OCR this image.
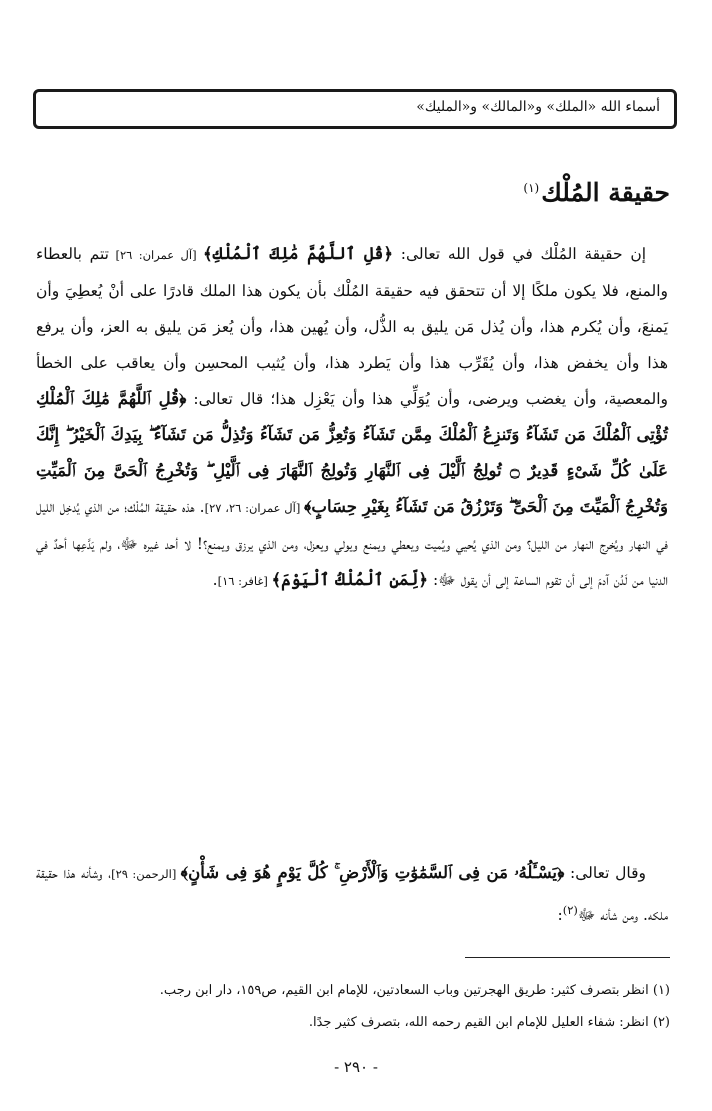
أسماء الله «الملك» و«المالك» و«المليك»
حقيقة المُلْك$^{(١)}$
إن حقيقة المُلْك في قول الله تعالى: ﴿قُلِ ٱللَّهُمَّ مَٰلِكَ ٱلْمُلْكِ﴾ [آل عمران: ٢٦] تتم بالعطاء والمنع، فلا يكون ملكًا إلا أن تتحقق فيه حقيقة المُلْك بأن يكون هذا الملك قادرًا على أنْ يُعطِيَ وأن يَمنعَ، وأن يُكرم هذا، وأن يُذل مَن يليق به الذُّل، وأن يُهين هذا، وأن يُعز مَن يليق به العز، وأن يرفع هذا وأن يخفض هذا، وأن يُقَرِّب هذا وأن يَطرد هذا، وأن يُثيب المحسِن وأن يعاقب على الخطأ والمعصية، وأن يغضب ويرضى، وأن يُوَلِّي هذا وأن يَعْزِل هذا؛ قال تعالى: ﴿قُلِ ٱللَّهُمَّ مَٰلِكَ ٱلْمُلْكِ تُؤْتِى ٱلْمُلْكَ مَن تَشَآءُ وَتَنزِعُ ٱلْمُلْكَ مِمَّن تَشَآءُ وَتُعِزُّ مَن تَشَآءُ وَتُذِلُّ مَن تَشَآءُ ۖ بِيَدِكَ ٱلْخَيْرُ ۖ إِنَّكَ عَلَىٰ كُلِّ شَىْءٍ قَدِيرٌ ۝ تُولِجُ ٱلَّيْلَ فِى ٱلنَّهَارِ وَتُولِجُ ٱلنَّهَارَ فِى ٱلَّيْلِ ۖ وَتُخْرِجُ ٱلْحَىَّ مِنَ ٱلْمَيِّتِ وَتُخْرِجُ ٱلْمَيِّتَ مِنَ ٱلْحَىِّ ۖ وَتَرْزُقُ مَن تَشَآءُ بِغَيْرِ حِسَابٍ﴾ [آل عمران: ٢٦، ٢٧]. هذه حقيقة المُلْك؛ من الذي يُدخِل الليل في النهار ويُخرِج النهار من الليل؟ ومن الذي يُحيي ويُميت ويعطي ويمنع ويولي ويعزل، ومن الذي يرزق ويمنع؟! لا أحد غيره ﷻ، ولم يَدَّعِها أحدٌ في الدنيا من لَدُن آدمَ إلى أن تقوم الساعة إلى أن يقول ﷻ: ﴿لِّمَنِ ٱلْمُلْكُ ٱلْيَوْمَ﴾ [غافر: ١٦].
وقال تعالى: ﴿يَسْـَٔلُهُۥ مَن فِى ٱلسَّمَٰوَٰتِ وَٱلْأَرْضِ ۚ كُلَّ يَوْمٍ هُوَ فِى شَأْنٍ﴾ [الرحمن: ٢٩]، وشأنه هذا حقيقة ملكه. ومن شأنه ﷻ$^{(٢)}$:
(١) انظر بتصرف كثير: طريق الهجرتين وباب السعادتين، للإمام ابن القيم، ص١٥٩، دار ابن رجب.
(٢) انظر: شفاء العليل للإمام ابن القيم رحمه الله، بتصرف كثير جدًا.
- ٢٩٠ -
